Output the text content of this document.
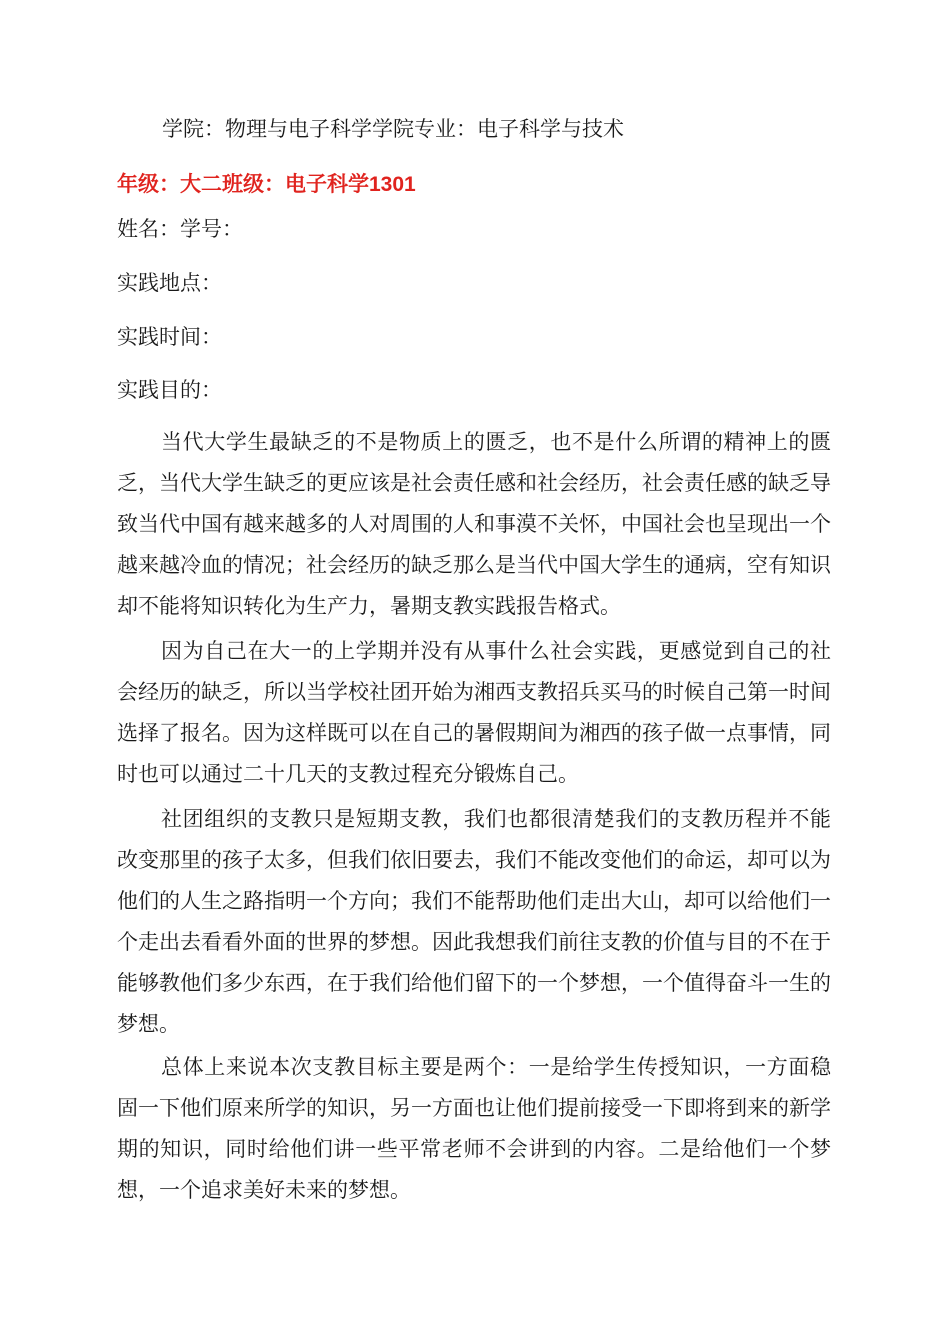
学院：物理与电子科学学院专业：电子科学与技术
年级：大二班级：电子科学1301
姓名：学号：
实践地点：
实践时间：
实践目的：
当代大学生最缺乏的不是物质上的匮乏，也不是什么所谓的精神上的匮乏，当代大学生缺乏的更应该是社会责任感和社会经历，社会责任感的缺乏导致当代中国有越来越多的人对周围的人和事漠不关怀，中国社会也呈现出一个越来越冷血的情况；社会经历的缺乏那么是当代中国大学生的通病，空有知识却不能将知识转化为生产力，暑期支教实践报告格式。
因为自己在大一的上学期并没有从事什么社会实践，更感觉到自己的社会经历的缺乏，所以当学校社团开始为湘西支教招兵买马的时候自己第一时间选择了报名。因为这样既可以在自己的暑假期间为湘西的孩子做一点事情，同时也可以通过二十几天的支教过程充分锻炼自己。
社团组织的支教只是短期支教，我们也都很清楚我们的支教历程并不能改变那里的孩子太多，但我们依旧要去，我们不能改变他们的命运，却可以为他们的人生之路指明一个方向；我们不能帮助他们走出大山，却可以给他们一个走出去看看外面的世界的梦想。因此我想我们前往支教的价值与目的不在于能够教他们多少东西，在于我们给他们留下的一个梦想，一个值得奋斗一生的梦想。
总体上来说本次支教目标主要是两个：一是给学生传授知识，一方面稳固一下他们原来所学的知识，另一方面也让他们提前接受一下即将到来的新学期的知识，同时给他们讲一些平常老师不会讲到的内容。二是给他们一个梦想，一个追求美好未来的梦想。
